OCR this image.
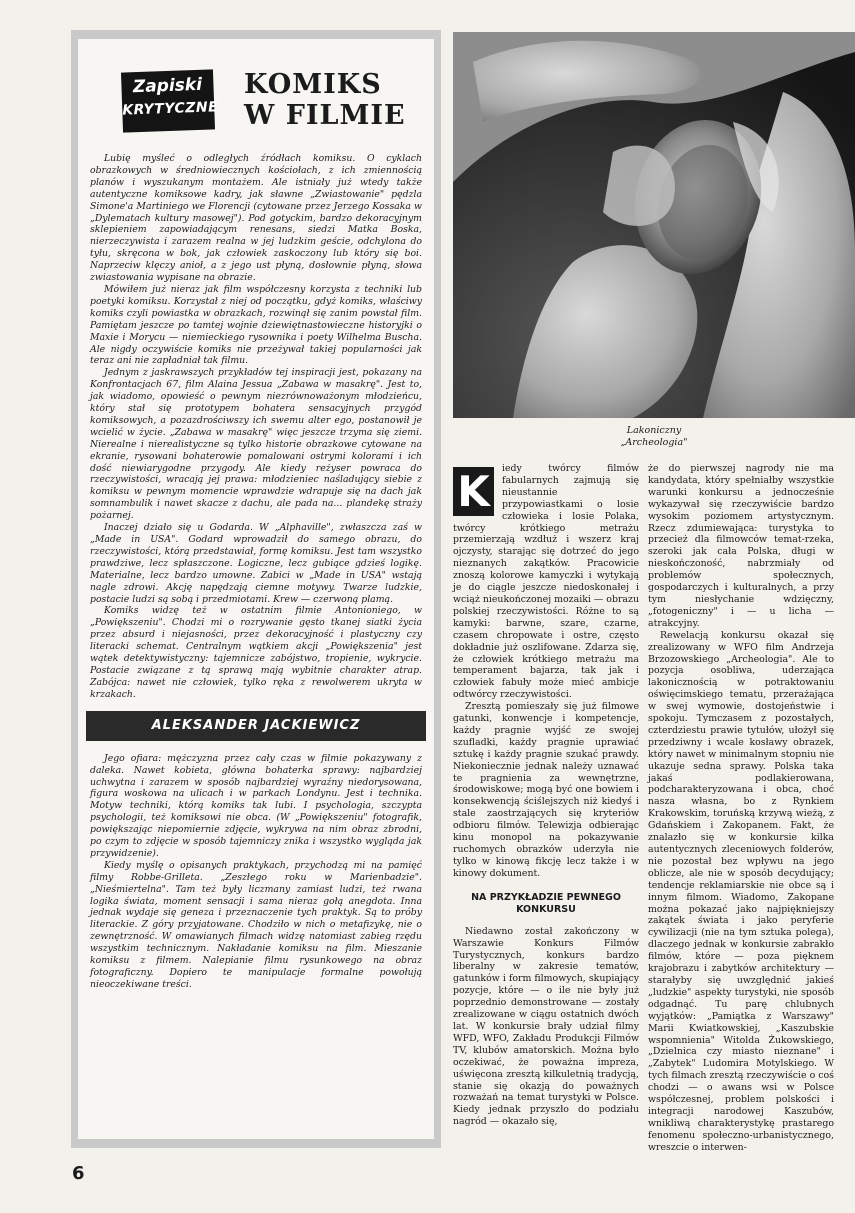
Zapiski
KRYTYCZNE
KOMIKS
W FILMIE

Lubię myśleć o odległych źródłach komiksu. O cyklach obrazkowych w średniowiecznych kościołach, z ich zmiennością planów i wyszukanym montażem. Ale istniały już wtedy także autentyczne komiksowe kadry, jak sławne „Zwiastowanie" pędzla Simone'a Martiniego we Florencji (cytowane przez Jerzego Kossaka w „Dylematach kultury masowej"). Pod gotyckim, bardzo dekoracyjnym sklepieniem zapowiadającym renesans, siedzi Matka Boska, nierzeczywista i zarazem realna w jej ludzkim geście, odchylona do tyłu, skręcona w bok, jak człowiek zaskoczony lub który się boi. Naprzeciw klęczy anioł, a z jego ust płyną, dosłownie płyną, słowa zwiastowania wypisane na obrazie.

Mówiłem już nieraz jak film współczesny korzysta z techniki lub poetyki komiksu. Korzystał z niej od początku, gdyż komiks, właściwy komiks czyli powiastka w obrazkach, rozwinął się zanim powstał film. Pamiętam jeszcze po tamtej wojnie dziewiętnastowieczne historyjki o Maxie i Morycu — niemieckiego rysownika i poety Wilhelma Buscha. Ale nigdy oczywiście komiks nie przeżywał takiej popularności jak teraz ani nie zapładniał tak filmu.

Jednym z jaskrawszych przykładów tej inspiracji jest, pokazany na Konfrontacjach 67, film Alaina Jessua „Zabawa w masakrę". Jest to, jak wiadomo, opowieść o pewnym niezrównoważonym młodzieńcu, który stał się prototypem bohatera sensacyjnych przygód komiksowych, a pozazdrościwszy ich swemu alter ego, postanowił je wcielić w życie. „Zabawa w masakrę" więc jeszcze trzyma się ziemi. Nierealne i nierealistyczne są tylko historie obrazkowe cytowane na ekranie, rysowani bohaterowie pomalowani ostrymi kolorami i ich dość niewiarygodne przygody. Ale kiedy reżyser powraca do rzeczywistości, wracają jej prawa: młodzieniec naśladujący siebie z komiksu w pewnym momencie wprawdzie wdrapuje się na dach jak somnambulik i nawet skacze z dachu, ale pada na... plandekę straży pożarnej.

Inaczej działo się u Godarda. W „Alphaville", zwłaszcza zaś w „Made in USA". Godard wprowadził do samego obrazu, do rzeczywistości, którą przedstawiał, formę komiksu. Jest tam wszystko prawdziwe, lecz spłaszczone. Logiczne, lecz gubiące gdzieś logikę. Materialne, lecz bardzo umowne. Zabici w „Made in USA" wstają nagle zdrowi. Akcję napędzają ciemne motywy. Twarze ludzkie, postacie ludzi są sobą i przedmiotami. Krew — czerwoną plamą.

Komiks widzę też w ostatnim filmie Antonioniego, w „Powiększeniu". Chodzi mi o rozrywanie gęsto tkanej siatki życia przez absurd i niejasności, przez dekoracyjność i plastyczny czy literacki schemat. Centralnym wątkiem akcji „Powiększenia" jest wątek detektywistyczny: tajemnicze zabójstwo, tropienie, wykrycie. Postacie związane z tą sprawą mają wybitnie charakter atrap. Zabójca: nawet nie człowiek, tylko ręka z rewolwerem ukryta w krzakach.

ALEKSANDER JACKIEWICZ

Jego ofiara: mężczyzna przez cały czas w filmie pokazywany z daleka. Nawet kobieta, główna bohaterka sprawy: najbardziej uchwytna i zarazem w sposób najbardziej wyraźny niedorysowana, figura woskowa na ulicach i w parkach Londynu. Jest i technika. Motyw techniki, którą komiks tak lubi. I psychologia, szczypta psychologii, też komiksowi nie obca. (W „Powiększeniu" fotografik, powiększając niepomiernie zdjęcie, wykrywa na nim obraz zbrodni, po czym to zdjęcie w sposób tajemniczy znika i wszystko wygląda jak przywidzenie).

Kiedy myślę o opisanych praktykach, przychodzą mi na pamięć filmy Robbe-Grilleta. „Zeszłego roku w Marienbadzie". „Nieśmiertelna". Tam też były liczmany zamiast ludzi, też rwana logika świata, moment sensacji i sama nieraz gołą anegdota. Inna jednak wydaje się geneza i przeznaczenie tych praktyk. Są to próby literackie. Z góry przyjatowane. Chodziło w nich o metafizykę, nie o zewnętrzność. W omawianych filmach widzę natomiast zabieg rzędu wszystkim technicznym. Nakładanie komiksu na film. Mieszanie komiksu z filmem. Nalepianie filmu rysunkowego na obraz fotograficzny. Dopiero te manipulacje formalne powołują nieoczekiwane treści.

Lakoniczny
„Archeologia"
K	iedy twórcy filmów fabularnych zajmują się nieustannie przypowiastkami o losie człowieka i losie Polaka, twórcy krótkiego metrażu przemierzają wzdłuż i wszerz kraj ojczysty, starając się dotrzeć do jego nieznanych zakątków. Pracowicie znoszą kolorowe kamyczki i wytykają je do ciągle jeszcze niedoskonałej i wciąż nieukończonej mozaiki — obrazu polskiej rzeczywistości. Różne to są kamyki: barwne, szare, czarne, czasem chropowate i ostre, często dokładnie już oszlifowane. Zdarza się, że człowiek krótkiego metrażu ma temperament bajarza, tak jak i człowiek fabuły może mieć ambicje odtwórcy rzeczywistości.

Zresztą pomieszały się już filmowe gatunki, konwencje i kompetencje, każdy pragnie wyjść ze swojej szufladki, każdy pragnie uprawiać sztukę i każdy pragnie szukać prawdy. Niekoniecznie jednak należy uznawać te pragnienia za wewnętrzne, środowiskowe; mogą być one bowiem i konsekwencją ściślejszych niż kiedyś i stale zaostrzających się kryteriów odbioru filmów. Telewizja odbierając kinu monopol na pokazywanie ruchomych obrazków uderzyła nie tylko w kinową fikcję lecz także i w kinowy dokument.

NA PRZYKŁADZIE PEWNEGO KONKURSU

Niedawno został zakończony w Warszawie Konkurs Filmów Turystycznych, konkurs bardzo liberalny w zakresie tematów, gatunków i form filmowych, skupiający pozycje, które — o ile nie były już poprzednio demonstrowane — zostały zrealizowane w ciągu ostatnich dwóch lat. W konkursie brały udział filmy WFD, WFO, Zakładu Produkcji Filmów TV, klubów amatorskich. Można było oczekiwać, że poważna impreza, uświęcona zresztą kilkuletnią tradycją, stanie się okazją do poważnych rozważań na temat turystyki w Polsce. Kiedy jednak przyszło do podziału nagród — okazało się,

że do pierwszej nagrody nie ma kandydata, który spełniałby wszystkie warunki konkursu a jednocześnie wykazywał się rzeczywiście bardzo wysokim poziomem artystycznym. Rzecz zdumiewająca: turystyka to przecież dla filmowców temat-rzeka, szeroki jak cała Polska, długi w nieskończoność, nabrzmiały od problemów społecznych, gospodarczych i kulturalnych, a przy tym niesłychanie wdzięczny, „fotogeniczny" i — u licha — atrakcyjny.

Rewelacją konkursu okazał się zrealizowany w WFO film Andrzeja Brzozowskiego „Archeologia". Ale to pozycja osobliwa, uderzająca lakonicznością w potraktowaniu oświęcimskiego tematu, przerażająca w swej wymowie, dostojeństwie i spokoju. Tymczasem z pozostałych, czterdziestu prawie tytułów, ułożył się przedziwny i wcale kosławy obrazek, który nawet w minimalnym stopniu nie ukazuje sedna sprawy. Polska taka jakaś podlakierowana, podcharakteryzowana i obca, choć nasza własna, bo z Rynkiem Krakowskim, toruńską krzywą wieżą, z Gdańskiem i Zakopanem. Fakt, że znalazło się w konkursie kilka autentycznych zleceniowych folderów, nie pozostał bez wpływu na jego oblicze, ale nie w sposób decydujący; tendencje reklamiarskie nie obce są i innym filmom. Wiadomo, Zakopane można pokazać jako najpiękniejszy zakątek świata i jako peryferie cywilizacji (nie na tym sztuka polega), dlaczego jednak w konkursie zabrakło filmów, które — poza pięknem krajobrazu i zabytków architektury — starałyby się uwzględnić jakieś „ludzkie" aspekty turystyki, nie sposób odgadnąć. Tu parę chlubnych wyjątków: „Pamiątka z Warszawy" Marii Kwiatkowskiej, „Kaszubskie wspomnienia" Witolda Żukowskiego, „Dzielnica czy miasto nieznane" i „Zabytek" Ludomira Motylskiego. W tych filmach zresztą rzeczywiście o coś chodzi — o awans wsi w Polsce współczesnej, problem polskości i integracji narodowej Kaszubów, wnikliwą charakterystykę prastarego fenomenu społeczno-urbanistycznego, wreszcie o interwen-

6
